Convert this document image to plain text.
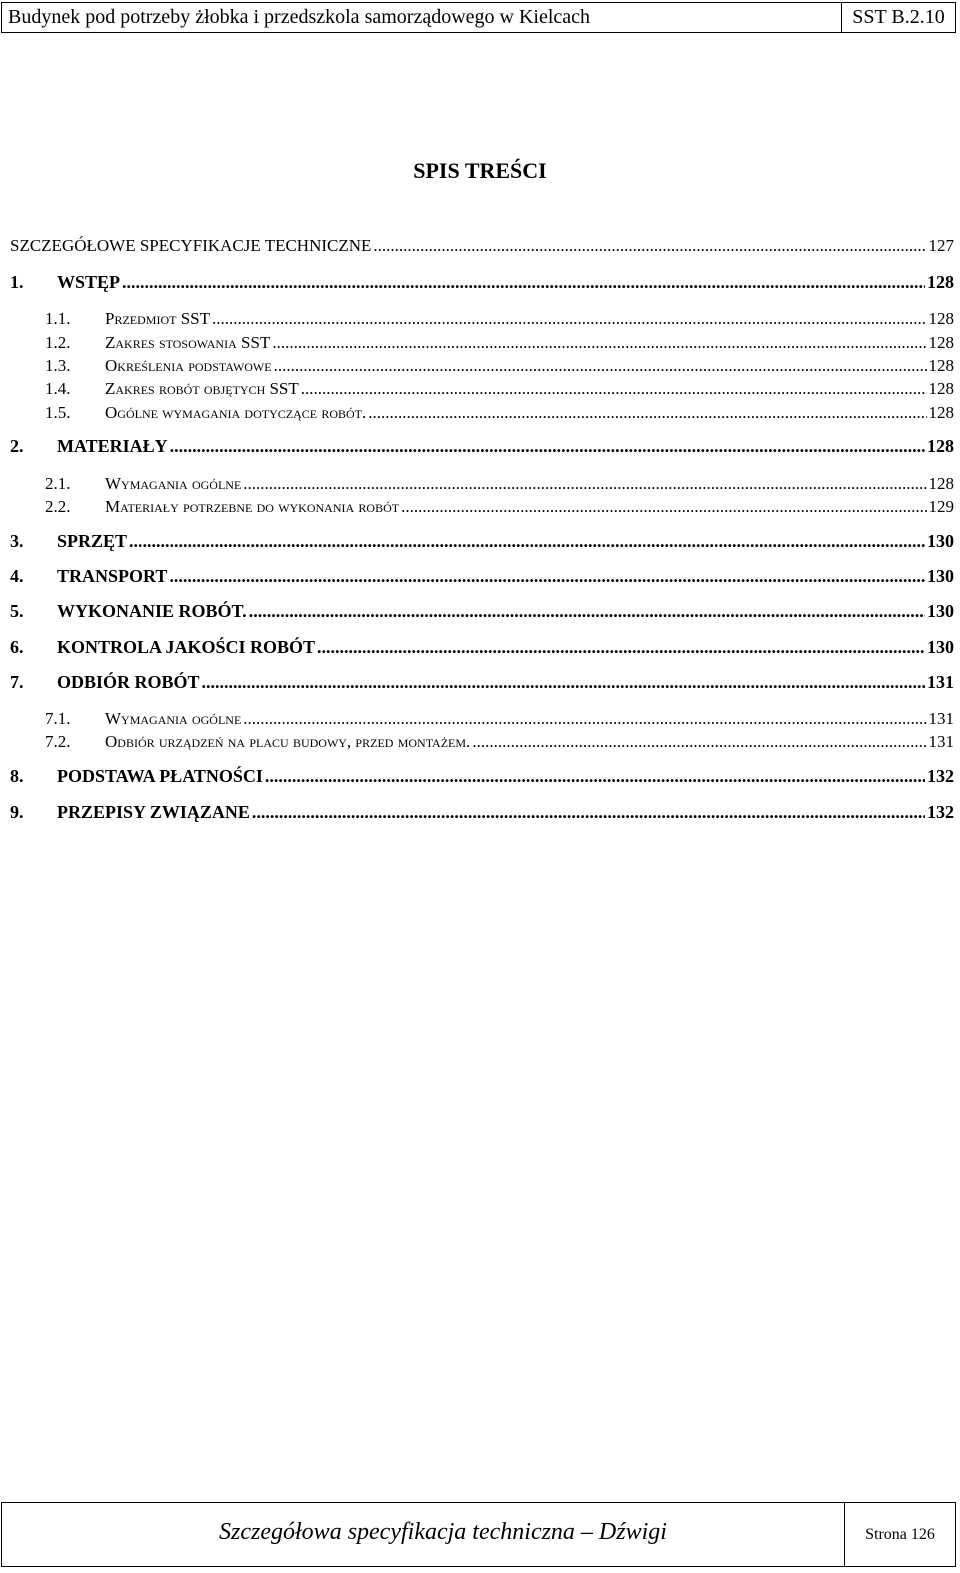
Budynek pod potrzeby żłobka i przedszkola samorządowego w Kielcach	SST B.2.10
SPIS TREŚCI
SZCZEGÓŁOWE SPECYFIKACJE TECHNICZNE .....	127
1.	WSTĘP .....	128
1.1.	Przedmiot SST .....	128
1.2.	Zakres stosowania SST .....	128
1.3.	Określenia podstawowe .....	128
1.4.	Zakres robót objętych SST .....	128
1.5.	Ogólne wymagania dotyczące robót. .....	128
2.	MATERIAŁY .....	128
2.1.	Wymagania ogólne .....	128
2.2.	Materiały potrzebne do wykonania robót .....	129
3.	SPRZĘT .....	130
4.	TRANSPORT .....	130
5.	WYKONANIE ROBÓT. .....	130
6.	KONTROLA JAKOŚCI ROBÓT .....	130
7.	ODBIÓR ROBÓT .....	131
7.1.	Wymagania ogólne .....	131
7.2.	Odbiór urządzeń na placu budowy, przed montażem. .....	131
8.	PODSTAWA PŁATNOŚCI .....	132
9.	PRZEPISY ZWIĄZANE .....	132
Szczegółowa specyfikacja techniczna – Dźwigi	Strona 126
